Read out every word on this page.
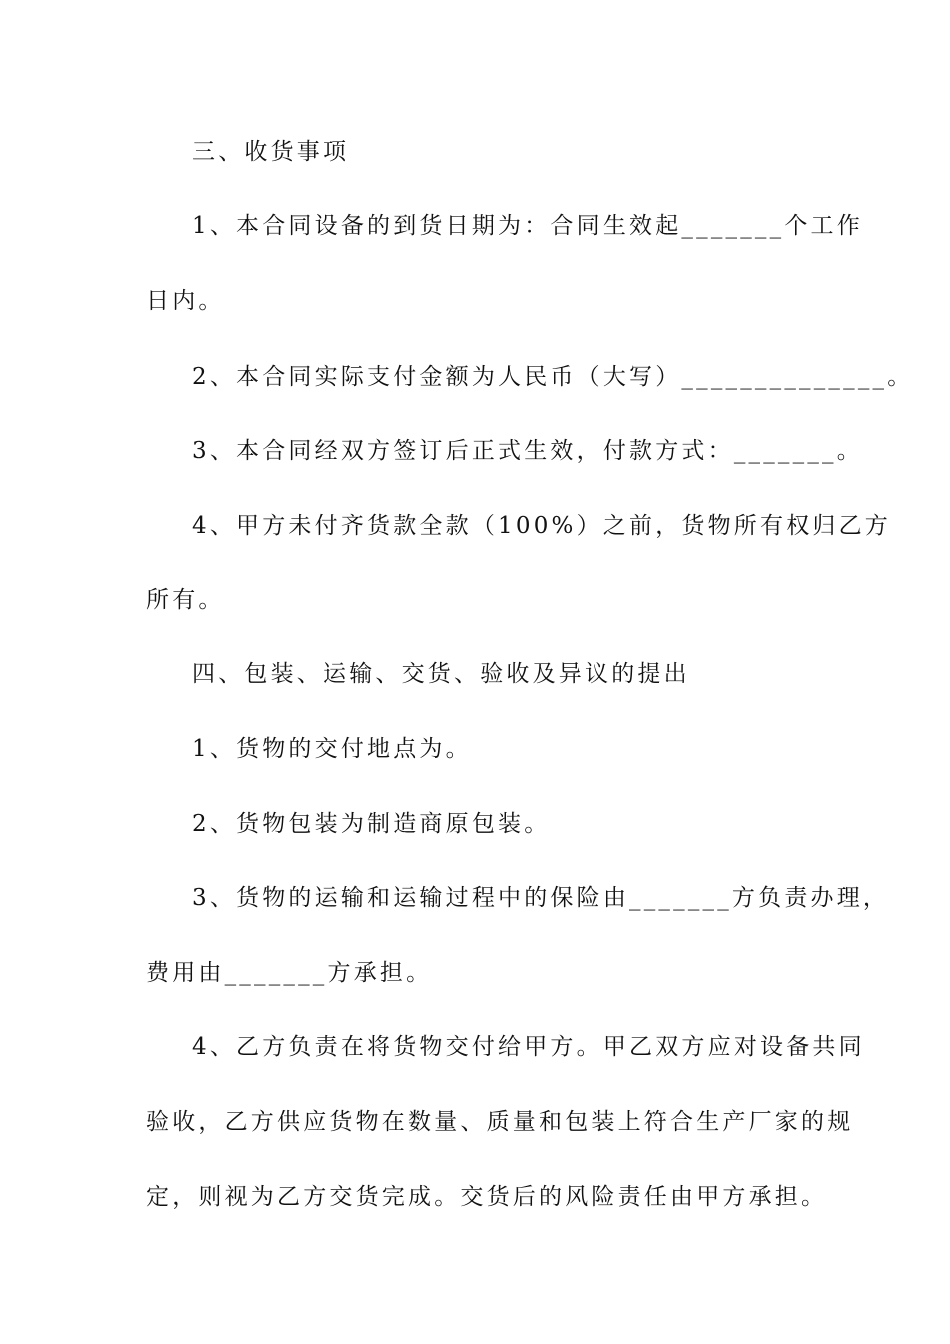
三、收货事项
1、本合同设备的到货日期为：合同生效起_______个工作
日内。
2、本合同实际支付金额为人民币（大写）______________。
3、本合同经双方签订后正式生效，付款方式：_______。
4、甲方未付齐货款全款（100%）之前，货物所有权归乙方
所有。
四、包装、运输、交货、验收及异议的提出
1、货物的交付地点为。
2、货物包装为制造商原包装。
3、货物的运输和运输过程中的保险由_______方负责办理，
费用由_______方承担。
4、乙方负责在将货物交付给甲方。甲乙双方应对设备共同
验收，乙方供应货物在数量、质量和包装上符合生产厂家的规
定，则视为乙方交货完成。交货后的风险责任由甲方承担。
